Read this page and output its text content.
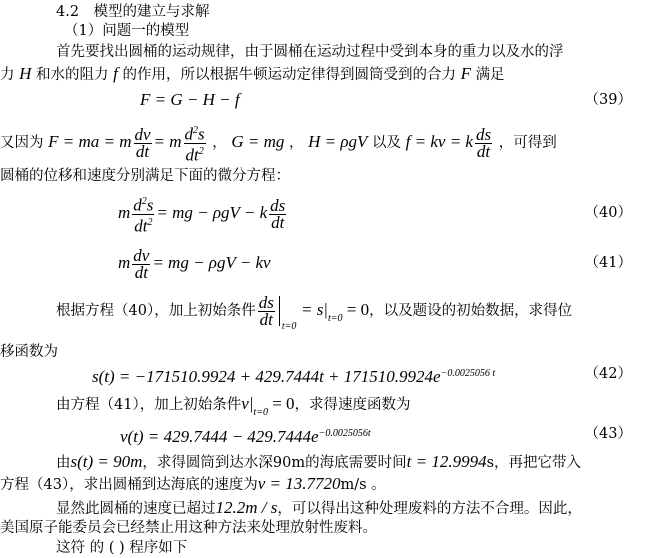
4.2　模型的建立与求解
（1）问题一的模型
首先要找出圆桶的运动规律，由于圆桶在运动过程中受到本身的重力以及水的浮
力 H 和水的阻力 f 的作用，所以根据牛顿运动定律得到圆筒受到的合力 F 满足
F = G − H − f	（39）
又因为 F = ma = m $\frac{dv}{dt} = m \frac{d^2s}{dt^2}$ ， G = mg ， H = ρgV 以及 f = kv = k $\frac{ds}{dt}$ ，可得到
圆桶的位移和速度分别满足下面的微分方程：
m $\frac{d^2s}{dt^2}$ = mg − ρgV − k $\frac{ds}{dt}$	（40）
m $\frac{dv}{dt}$ = mg − ρgV − kv	（41）
根据方程（40），加上初始条件 $\frac{ds}{dt} _{t=0} = s|_{t=0} = 0$，以及题设的初始数据，求得位
移函数为
$s(t) = -171510.9924 + 429.7444t + 171510.9924e^{-0.0025056 t}$	（42）
由方程（41），加上初始条件$v|_{t=0} = 0$，求得速度函数为
$v(t) = 429.7444 - 429.7444e^{-0.0025056t}$	（43）
由s(t) = 90m，求得圆筒到达水深90m的海底需要时间t = 12.9994s，再把它带入
方程（43），求出圆桶到达海底的速度为v = 13.7720m/s 。
显然此圆桶的速度已超过12.2m / s，可以得出这种处理废料的方法不合理。因此，
美国原子能委员会已经禁止用这种方法来处理放射性废料。
这符 的 ( ) 程序如下
